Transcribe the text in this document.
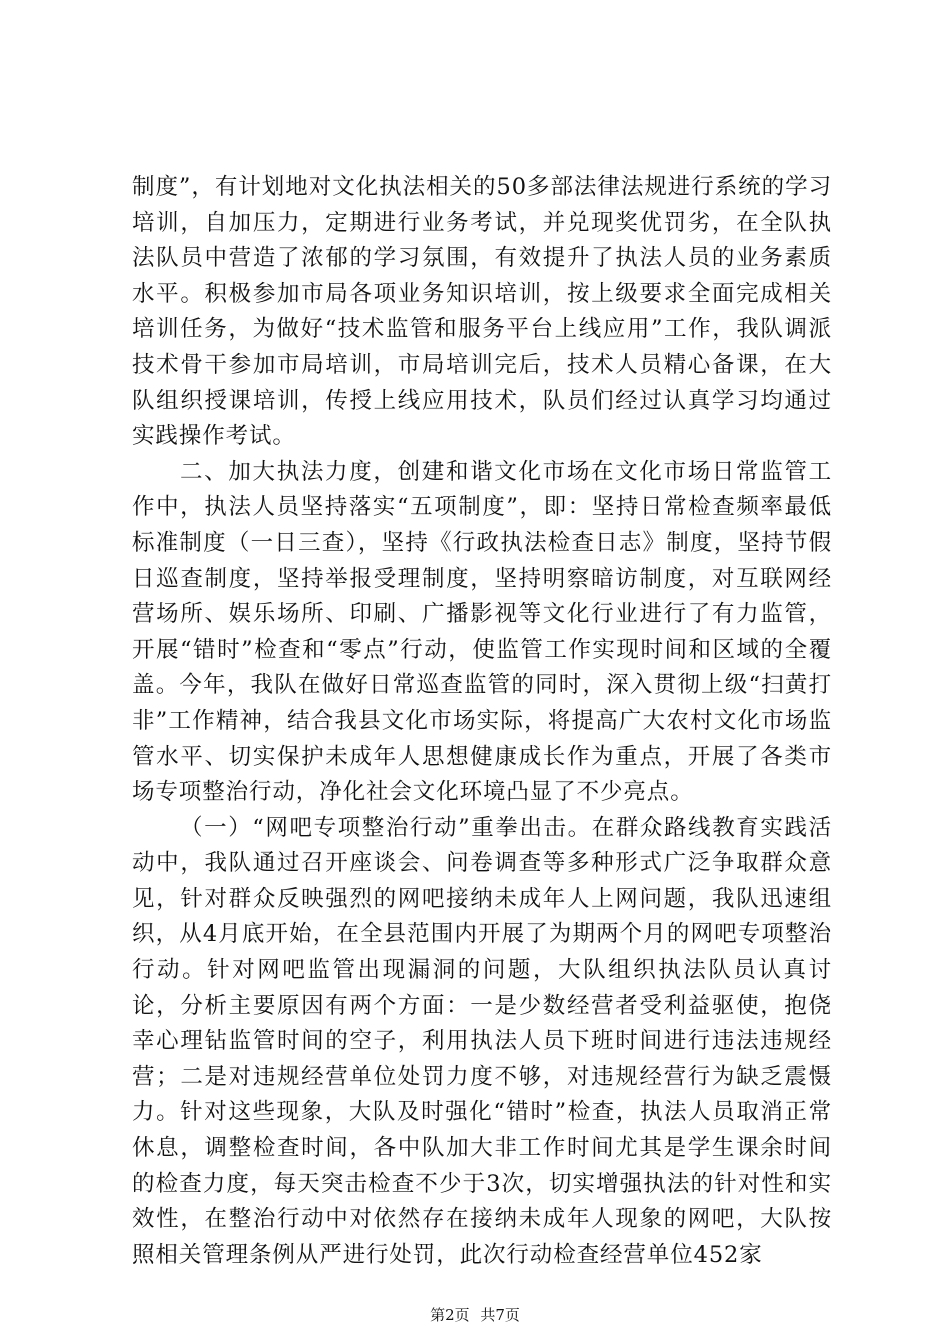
制度”，有计划地对文化执法相关的50多部法律法规进行系统的学习培训，自加压力，定期进行业务考试，并兑现奖优罚劣，在全队执法队员中营造了浓郁的学习氛围，有效提升了执法人员的业务素质水平。积极参加市局各项业务知识培训，按上级要求全面完成相关培训任务，为做好“技术监管和服务平台上线应用”工作，我队调派技术骨干参加市局培训，市局培训完后，技术人员精心备课，在大队组织授课培训，传授上线应用技术，队员们经过认真学习均通过实践操作考试。

二、加大执法力度，创建和谐文化市场在文化市场日常监管工作中，执法人员坚持落实“五项制度”，即：坚持日常检查频率最低标准制度（一日三查），坚持《行政执法检查日志》制度，坚持节假日巡查制度，坚持举报受理制度，坚持明察暗访制度，对互联网经营场所、娱乐场所、印刷、广播影视等文化行业进行了有力监管，开展“错时”检查和“零点”行动，使监管工作实现时间和区域的全覆盖。今年，我队在做好日常巡查监管的同时，深入贯彻上级“扫黄打非”工作精神，结合我县文化市场实际，将提高广大农村文化市场监管水平、切实保护未成年人思想健康成长作为重点，开展了各类市场专项整治行动，净化社会文化环境凸显了不少亮点。

（一）“网吧专项整治行动”重拳出击。在群众路线教育实践活动中，我队通过召开座谈会、问卷调查等多种形式广泛争取群众意见，针对群众反映强烈的网吧接纳未成年人上网问题，我队迅速组织，从4月底开始，在全县范围内开展了为期两个月的网吧专项整治行动。针对网吧监管出现漏洞的问题，大队组织执法队员认真讨论，分析主要原因有两个方面：一是少数经营者受利益驱使，抱侥幸心理钻监管时间的空子，利用执法人员下班时间进行违法违规经营；二是对违规经营单位处罚力度不够，对违规经营行为缺乏震慑力。针对这些现象，大队及时强化“错时”检查，执法人员取消正常休息，调整检查时间，各中队加大非工作时间尤其是学生课余时间的检查力度，每天突击检查不少于3次，切实增强执法的针对性和实效性，在整治行动中对依然存在接纳未成年人现象的网吧，大队按照相关管理条例从严进行处罚，此次行动检查经营单位452家

第2页 共7页
